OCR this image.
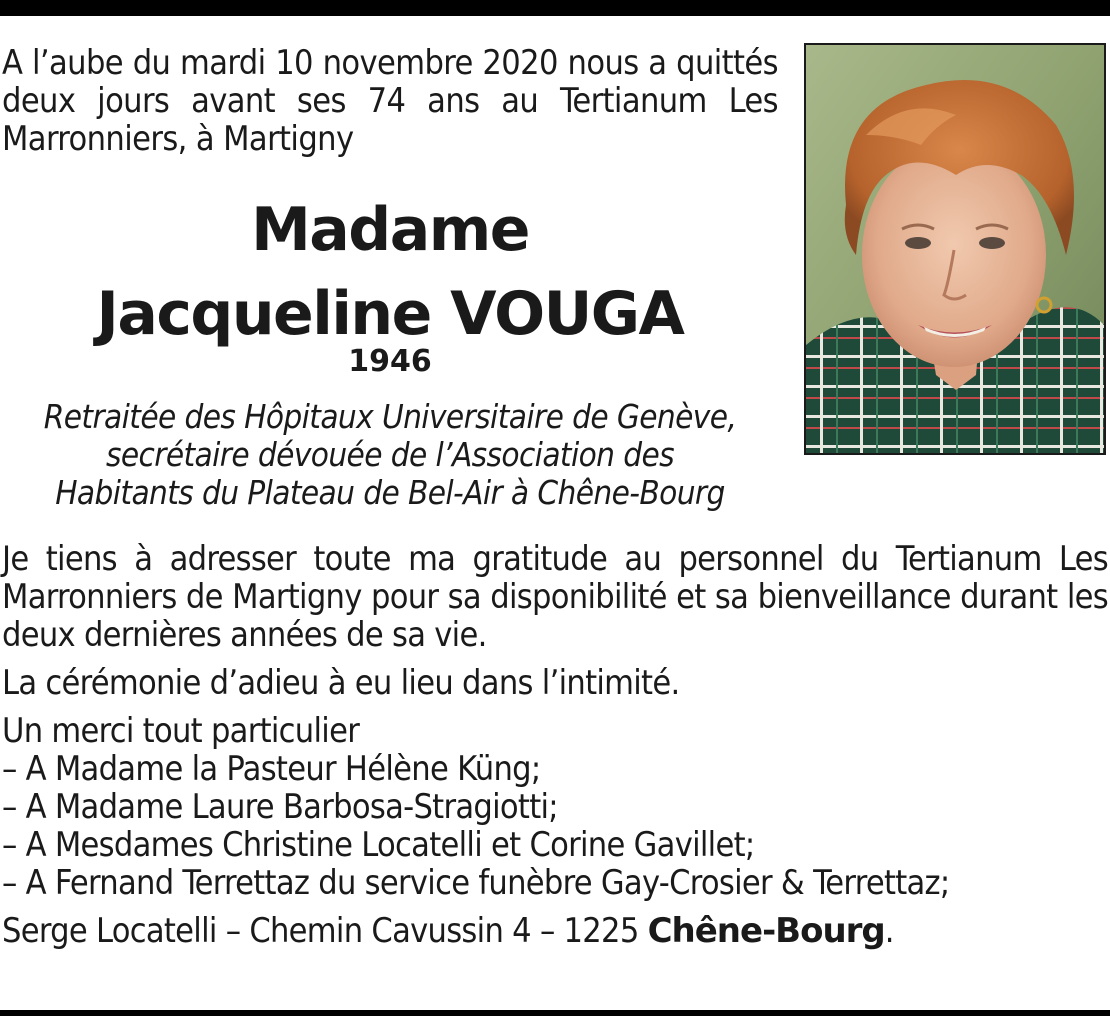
A l’aube du mardi 10 novembre 2020 nous a quittés deux jours avant ses 74 ans au Tertianum Les Marronniers, à Martigny
Madame
Jacqueline VOUGA
1946
Retraitée des Hôpitaux Universitaire de Genève,
secrétaire dévouée de l’Association des
Habitants du Plateau de Bel-Air à Chêne-Bourg

Je tiens à adresser toute ma gratitude au personnel du Tertianum Les Marronniers de Martigny pour sa disponibilité et sa bienveillance durant les deux dernières années de sa vie.

La cérémonie d’adieu à eu lieu dans l’intimité.

Un merci tout particulier
– A Madame la Pasteur Hélène Küng;
– A Madame Laure Barbosa-Stragiotti;
– A Mesdames Christine Locatelli et Corine Gavillet;
– A Fernand Terrettaz du service funèbre Gay-Crosier & Terrettaz;

Serge Locatelli – Chemin Cavussin 4 – 1225 Chêne-Bourg.
